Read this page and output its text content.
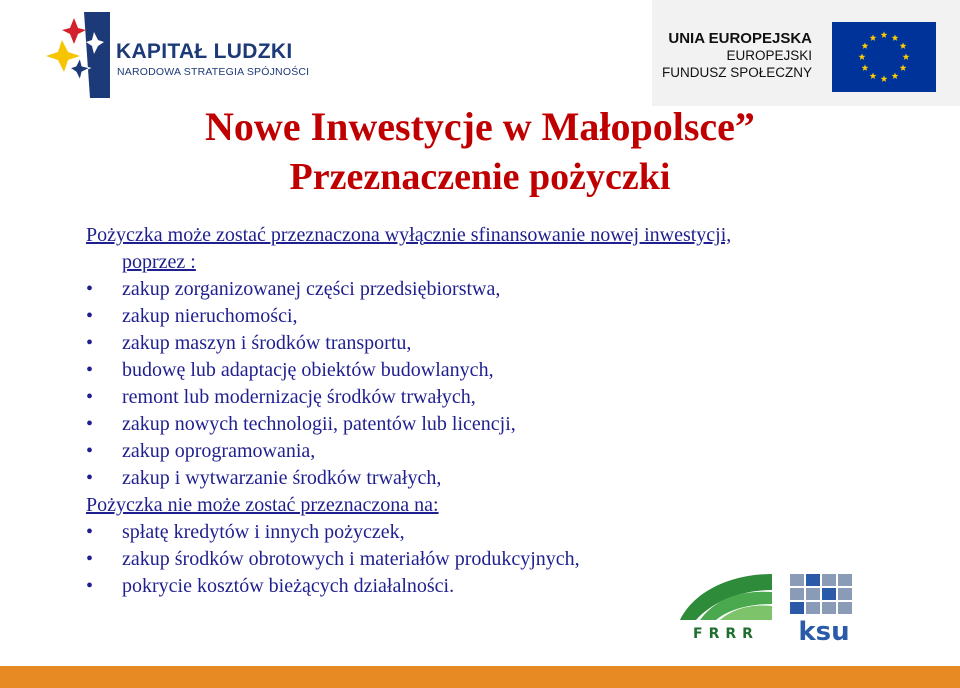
KAPITAŁ LUDZKI
NARODOWA STRATEGIA SPÓJNOŚCI
UNIA EUROPEJSKA
EUROPEJSKI
FUNDUSZ SPOŁECZNY
Nowe Inwestycje w Małopolsce”
Przeznaczenie pożyczki
Pożyczka może zostać przeznaczona wyłącznie sfinansowanie nowej inwestycji,
poprzez :
• zakup zorganizowanej części przedsiębiorstwa,
• zakup nieruchomości,
• zakup maszyn i środków transportu,
• budowę lub adaptację obiektów budowlanych,
• remont lub modernizację środków trwałych,
• zakup nowych technologii, patentów lub licencji,
• zakup oprogramowania,
• zakup i wytwarzanie środków trwałych,
Pożyczka nie może zostać przeznaczona na:
• spłatę kredytów i innych pożyczek,
• zakup środków obrotowych i materiałów produkcyjnych,
• pokrycie kosztów bieżących działalności.
FRRR ksu
